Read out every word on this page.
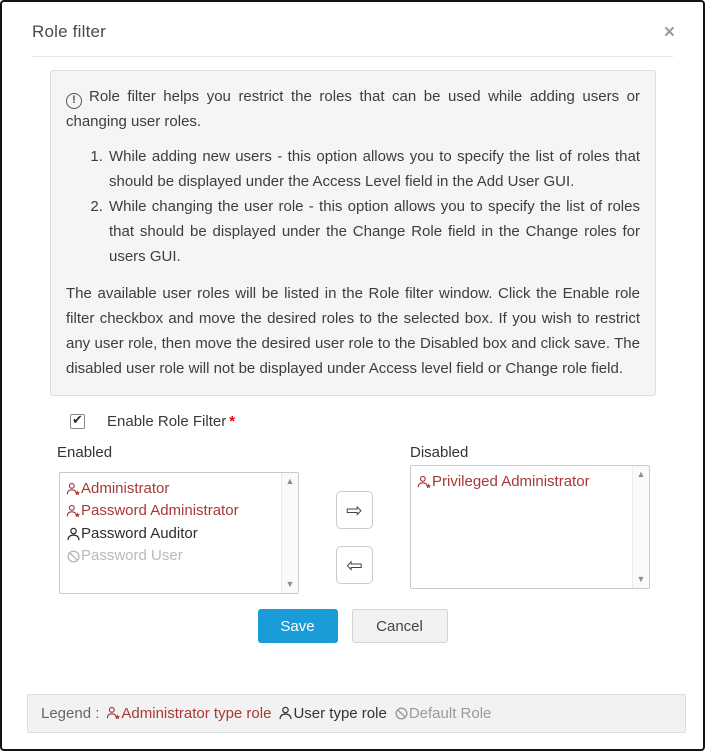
Role filter	×

! Role filter helps you restrict the roles that can be used while adding users or changing user roles.

1. While adding new users - this option allows you to specify the list of roles that should be displayed under the Access Level field in the Add User GUI.
2. While changing the user role - this option allows you to specify the list of roles that should be displayed under the Change Role field in the Change roles for users GUI.

The available user roles will be listed in the Role filter window. Click the Enable role filter checkbox and move the desired roles to the selected box. If you wish to restrict any user role, then move the desired user role to the Disabled box and click save. The disabled user role will not be displayed under Access level field or Change role field.

✔ Enable Role Filter *
Enabled
Administrator
Password Administrator
Password Auditor
Password User
▲
▼
⇨
⇦
Disabled
Privileged Administrator	▲
▼
Save	Cancel
Legend : Administrator type role User type role Default Role
